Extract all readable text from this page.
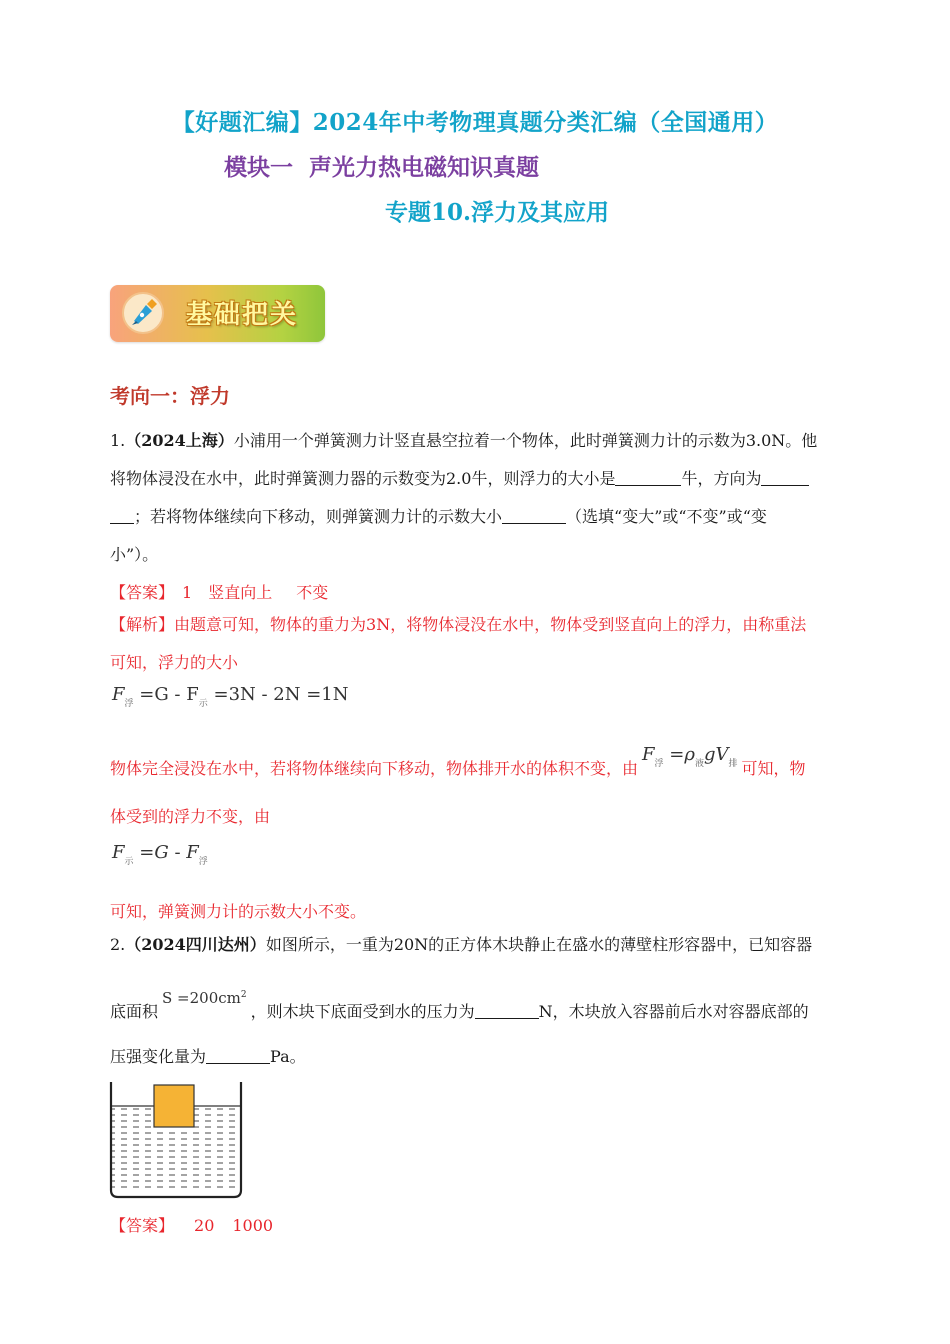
【好题汇编】2024年中考物理真题分类汇编（全国通用）
模块一  声光力热电磁知识真题
专题10.浮力及其应用
基础把关
考向一：浮力
1.（2024上海）小浦用一个弹簧测力计竖直悬空拉着一个物体，此时弹簧测力计的示数为3.0N。他
将物体浸没在水中，此时弹簧测力器的示数变为2.0牛，则浮力的大小是	牛，方向为
；若将物体继续向下移动，则弹簧测力计的示数大小	（选填“变大”或“不变”或“变
小”）。
【答案】 1 竖直向上 不变
【解析】由题意可知，物体的重力为3N，将物体浸没在水中，物体受到竖直向上的浮力，由称重法
可知，浮力的大小
$F_浮 =G - F_示 =3N - 2N =1N$
物体完全浸没在水中，若将物体继续向下移动，物体排开水的体积不变，由$F_浮 =\rho_液gV_排$ 可知，物
体受到的浮力不变，由
$F_示 =G - F_浮$
可知，弹簧测力计的示数大小不变。
2.（2024四川达州）如图所示，一重为20N的正方体木块静止在盛水的薄壁柱形容器中，已知容器
底面积$S =200cm^2$，则木块下底面受到水的压力为	N，木块放入容器前后水对容器底部的
压强变化量为	Pa。
【答案】 20 1000
